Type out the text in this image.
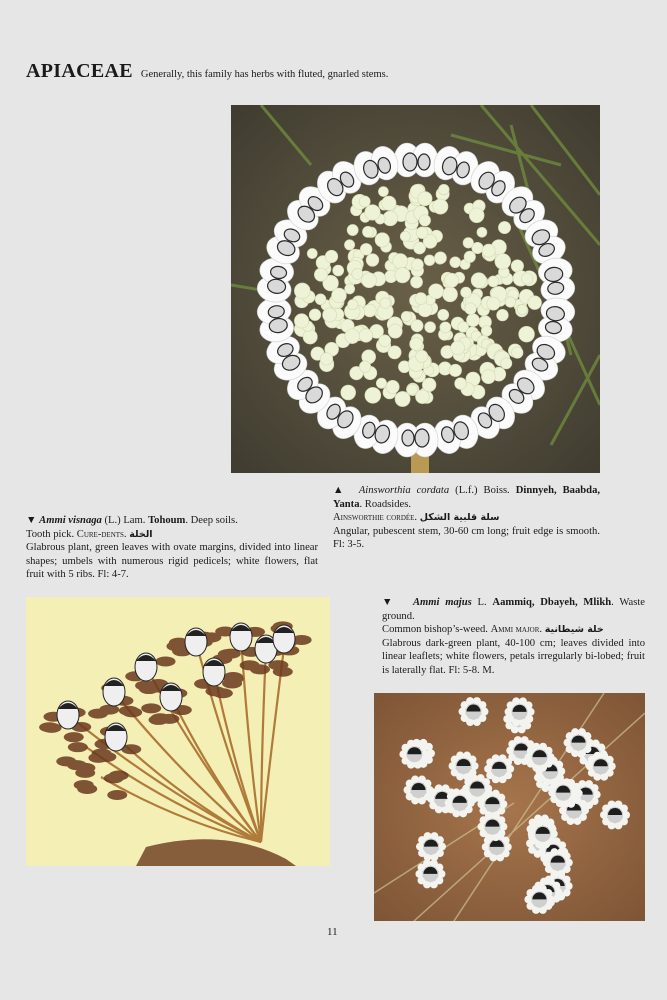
APIACEAE Generally, this family has herbs with fluted, gnarled stems.
▲ Ainsworthia cordata (L.f.) Boiss. Dinnyeh, Baabda, Yanta. Roadsides.
Ainsworthie cordée. سلة قلبية الشكل
Angular, pubescent stem, 30-60 cm long; fruit edge is smooth. Fl: 3-5.
▼ Ammi visnaga (L.) Lam. Tohoum. Deep soils.
Tooth pick. Cure-dents. الخلة
Glabrous plant, green leaves with ovate margins, divided into linear shapes; umbels with numerous rigid pedicels; white flowers, flat fruit with 5 ribs. Fl: 4-7.
▼ Ammi majus L. Aammiq, Dbayeh, Mlikh. Waste ground.
Common bishop’s-weed. Ammi major. خلة شيطانية
Glabrous dark-green plant, 40-100 cm; leaves divided into linear leaflets; white flowers, petals irregularly bi-lobed; fruit is laterally flat. Fl: 5-8. M.
11
